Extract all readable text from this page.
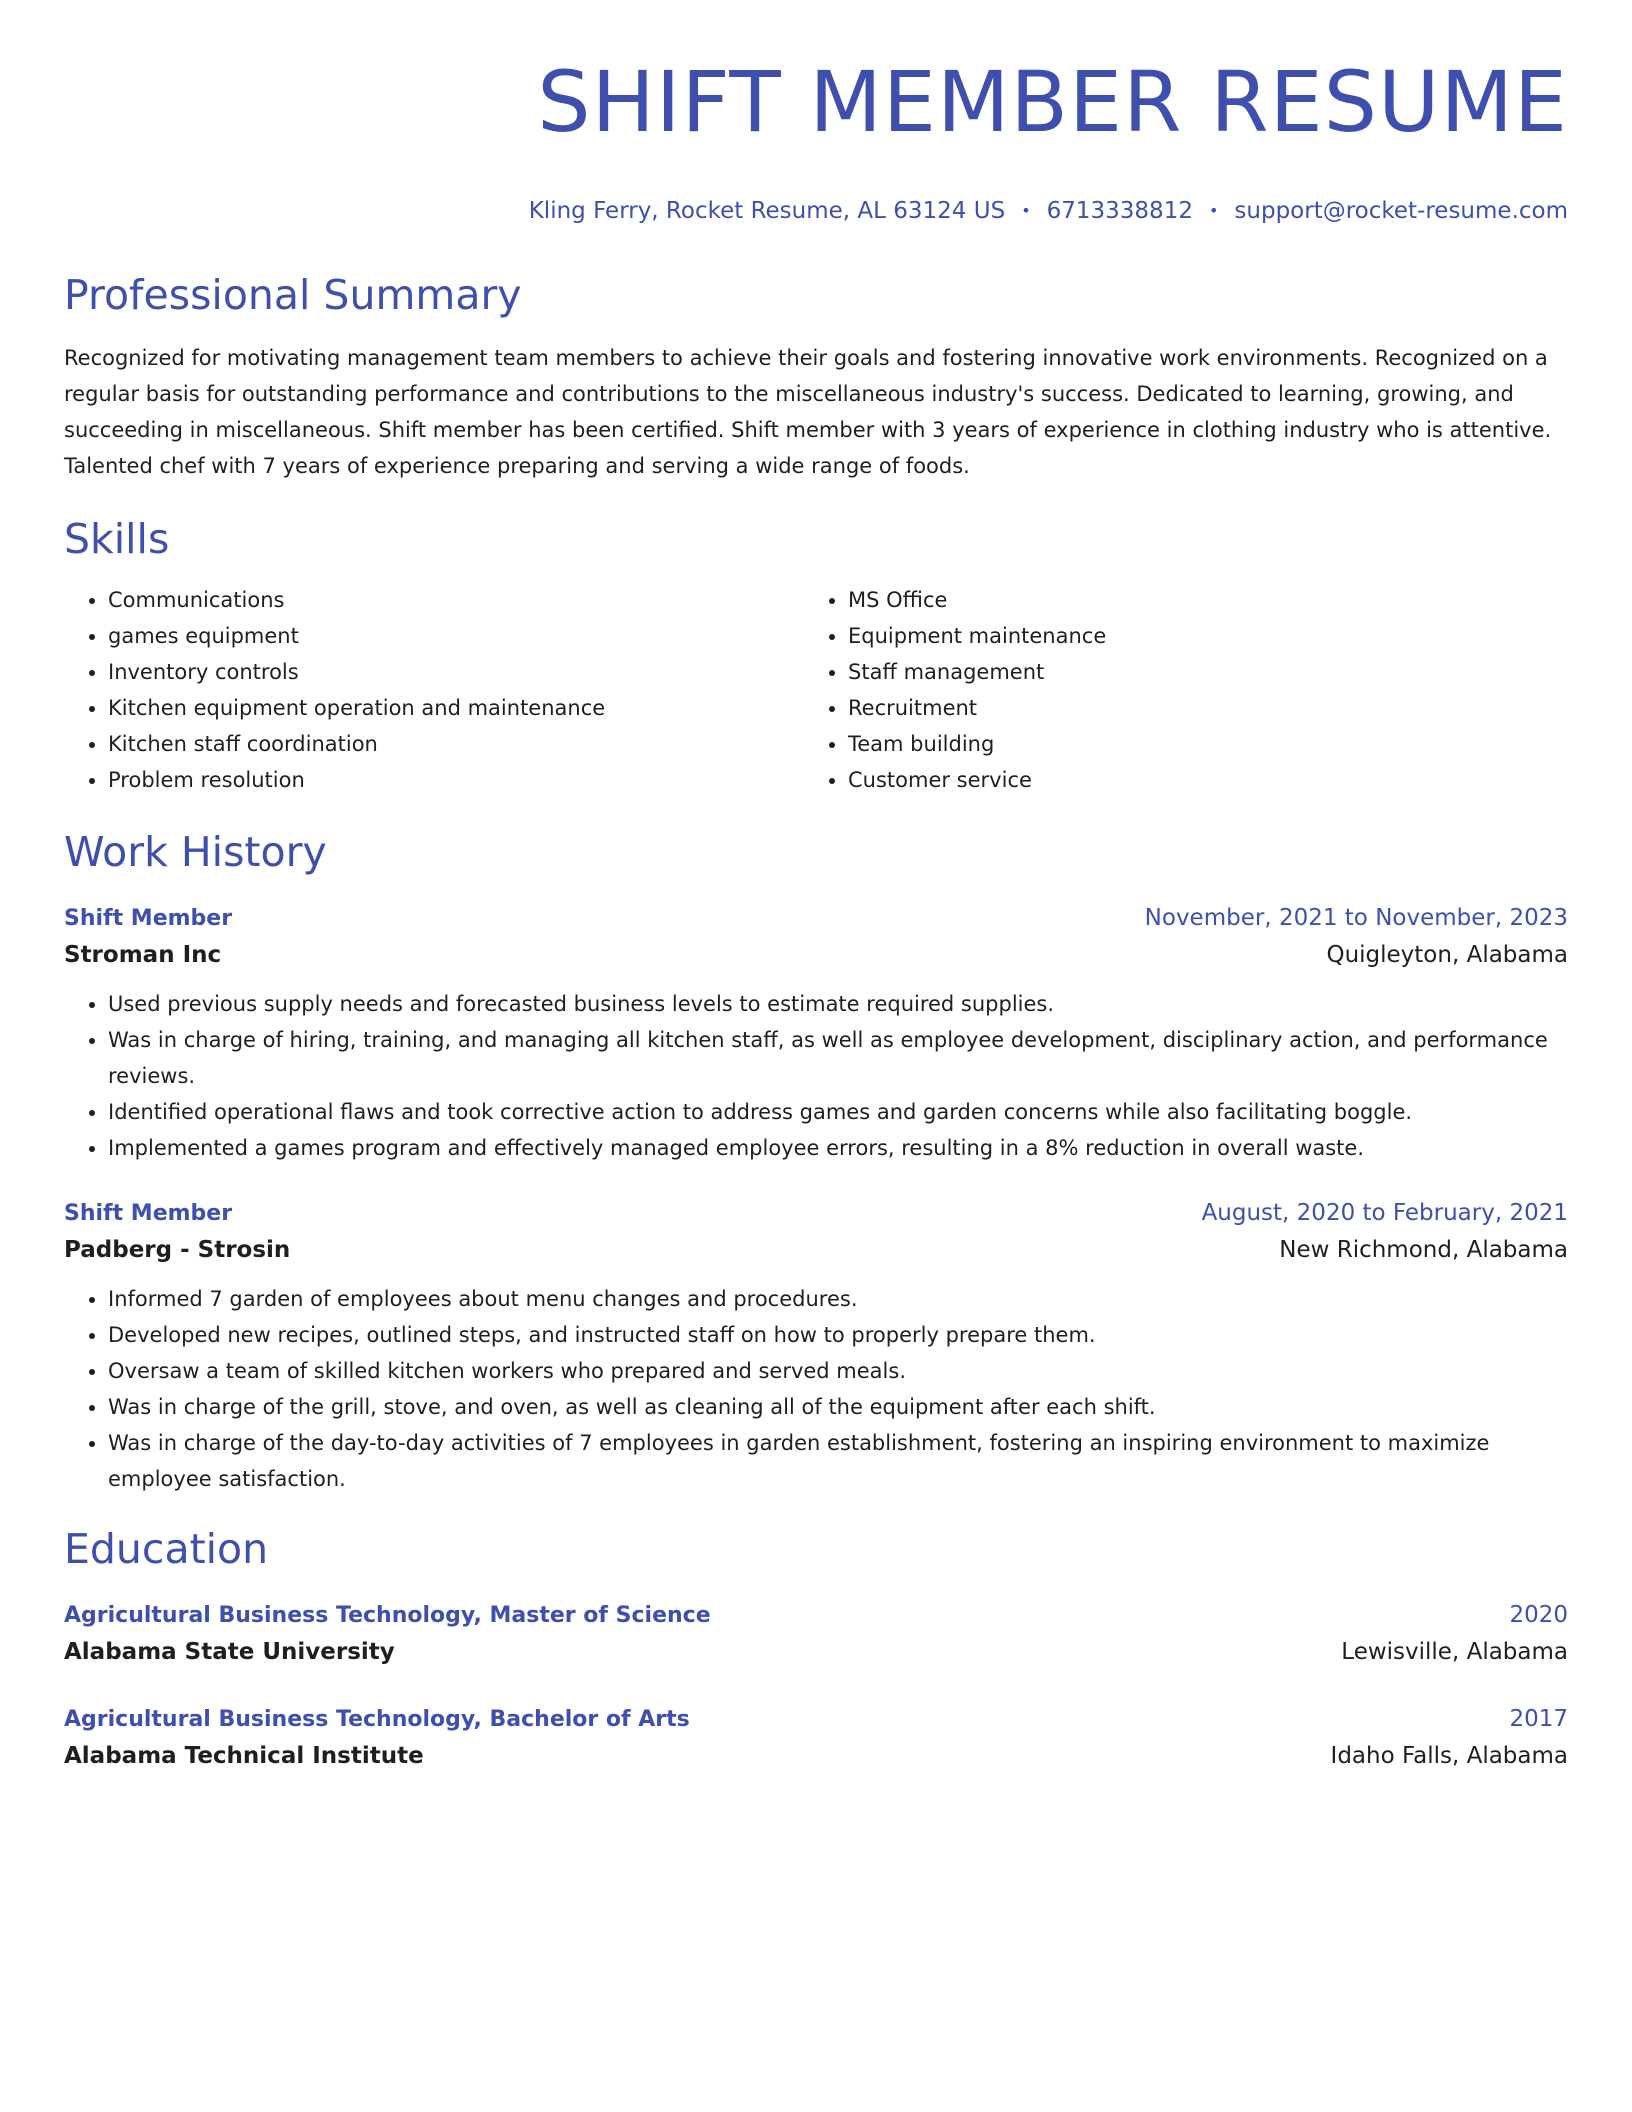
SHIFT MEMBER RESUME
Kling Ferry, Rocket Resume, AL 63124 US • 6713338812 • support@rocket-resume.com
Professional Summary
Recognized for motivating management team members to achieve their goals and fostering innovative work environments. Recognized on a regular basis for outstanding performance and contributions to the miscellaneous industry's success. Dedicated to learning, growing, and succeeding in miscellaneous. Shift member has been certified. Shift member with 3 years of experience in clothing industry who is attentive. Talented chef with 7 years of experience preparing and serving a wide range of foods.
Skills
• Communications
• games equipment
• Inventory controls
• Kitchen equipment operation and maintenance
• Kitchen staff coordination
• Problem resolution
• MS Office
• Equipment maintenance
• Staff management
• Recruitment
• Team building
• Customer service
Work History
Shift Member	November, 2021 to November, 2023
Stroman Inc	Quigleyton, Alabama
• Used previous supply needs and forecasted business levels to estimate required supplies.
• Was in charge of hiring, training, and managing all kitchen staff, as well as employee development, disciplinary action, and performance reviews.
• Identified operational flaws and took corrective action to address games and garden concerns while also facilitating boggle.
• Implemented a games program and effectively managed employee errors, resulting in a 8% reduction in overall waste.
Shift Member	August, 2020 to February, 2021
Padberg - Strosin	New Richmond, Alabama
• Informed 7 garden of employees about menu changes and procedures.
• Developed new recipes, outlined steps, and instructed staff on how to properly prepare them.
• Oversaw a team of skilled kitchen workers who prepared and served meals.
• Was in charge of the grill, stove, and oven, as well as cleaning all of the equipment after each shift.
• Was in charge of the day-to-day activities of 7 employees in garden establishment, fostering an inspiring environment to maximize employee satisfaction.
Education
Agricultural Business Technology, Master of Science	2020
Alabama State University	Lewisville, Alabama
Agricultural Business Technology, Bachelor of Arts	2017
Alabama Technical Institute	Idaho Falls, Alabama
